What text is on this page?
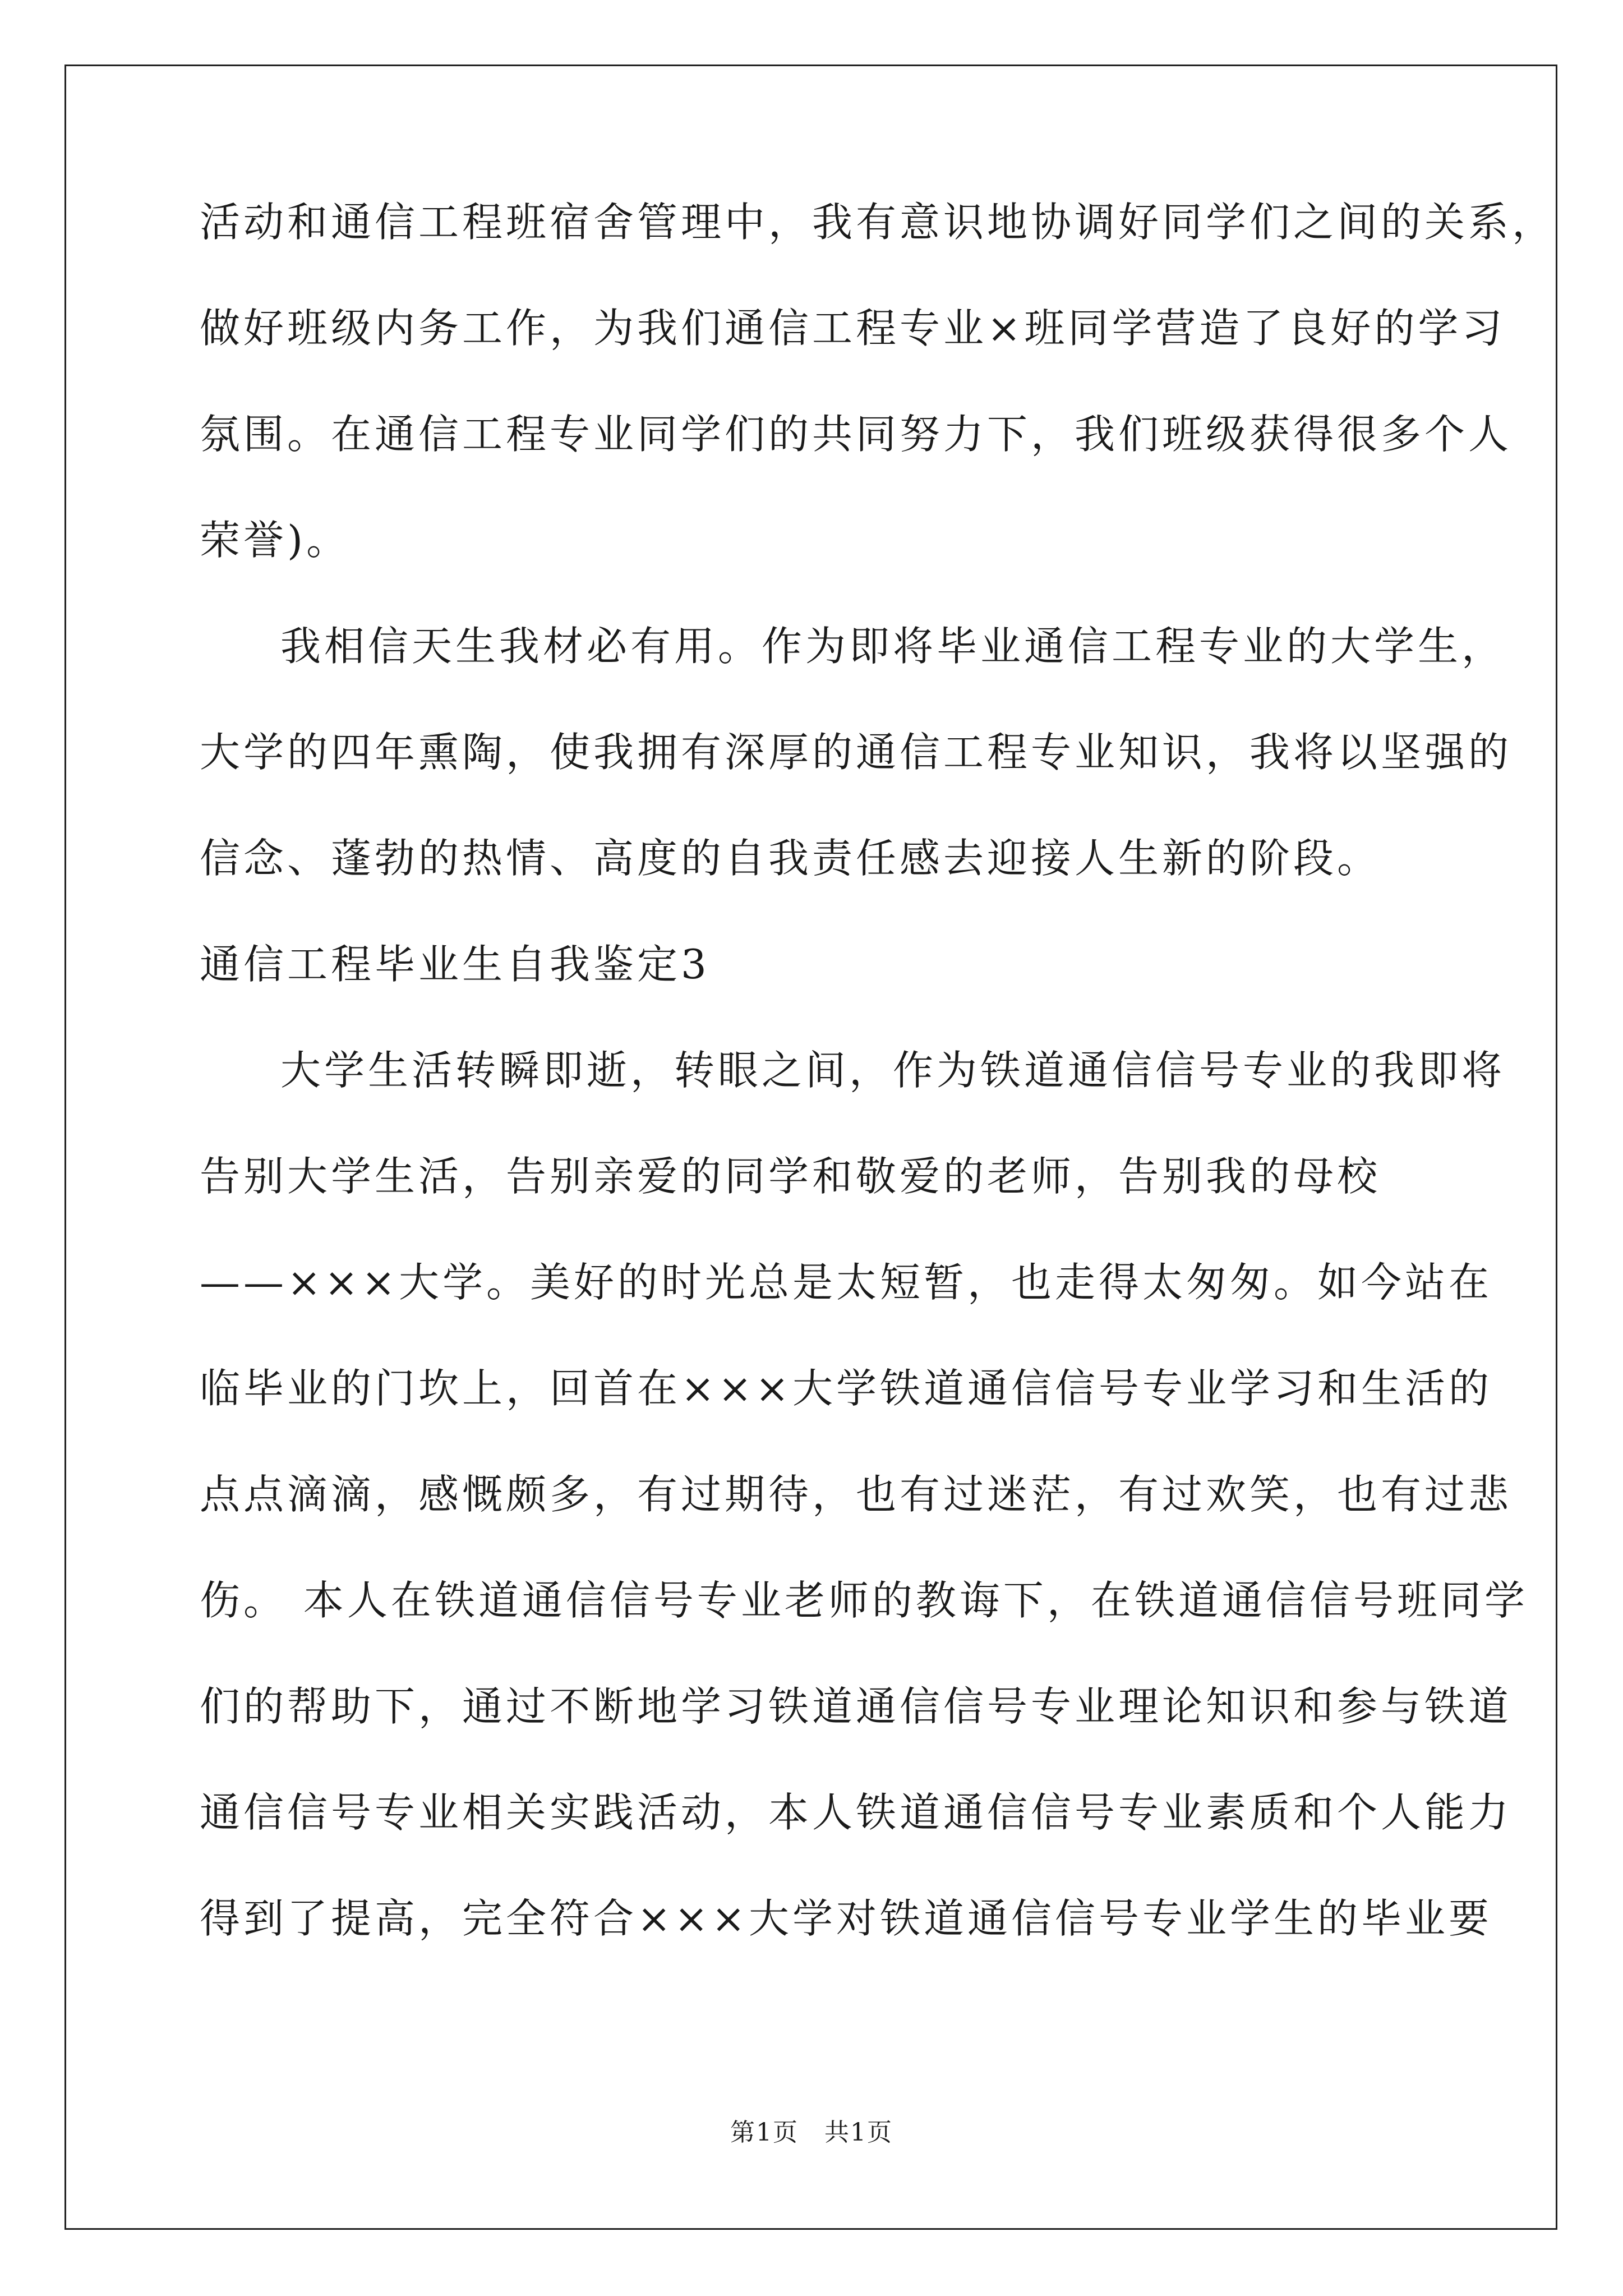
活动和通信工程班宿舍管理中，我有意识地协调好同学们之间的关系，
做好班级内务工作，为我们通信工程专业×班同学营造了良好的学习
氛围。在通信工程专业同学们的共同努力下，我们班级获得很多个人
荣誉)。
我相信天生我材必有用。作为即将毕业通信工程专业的大学生，
大学的四年熏陶，使我拥有深厚的通信工程专业知识，我将以坚强的
信念、蓬勃的热情、高度的自我责任感去迎接人生新的阶段。
通信工程毕业生自我鉴定3
大学生活转瞬即逝，转眼之间，作为铁道通信信号专业的我即将
告别大学生活，告别亲爱的同学和敬爱的老师，告别我的母校
——×××大学。美好的时光总是太短暂，也走得太匆匆。如今站在
临毕业的门坎上，回首在×××大学铁道通信信号专业学习和生活的
点点滴滴，感慨颇多，有过期待，也有过迷茫，有过欢笑，也有过悲
伤。 本人在铁道通信信号专业老师的教诲下，在铁道通信信号班同学
们的帮助下，通过不断地学习铁道通信信号专业理论知识和参与铁道
通信信号专业相关实践活动，本人铁道通信信号专业素质和个人能力
得到了提高，完全符合×××大学对铁道通信信号专业学生的毕业要
第1页　共1页
